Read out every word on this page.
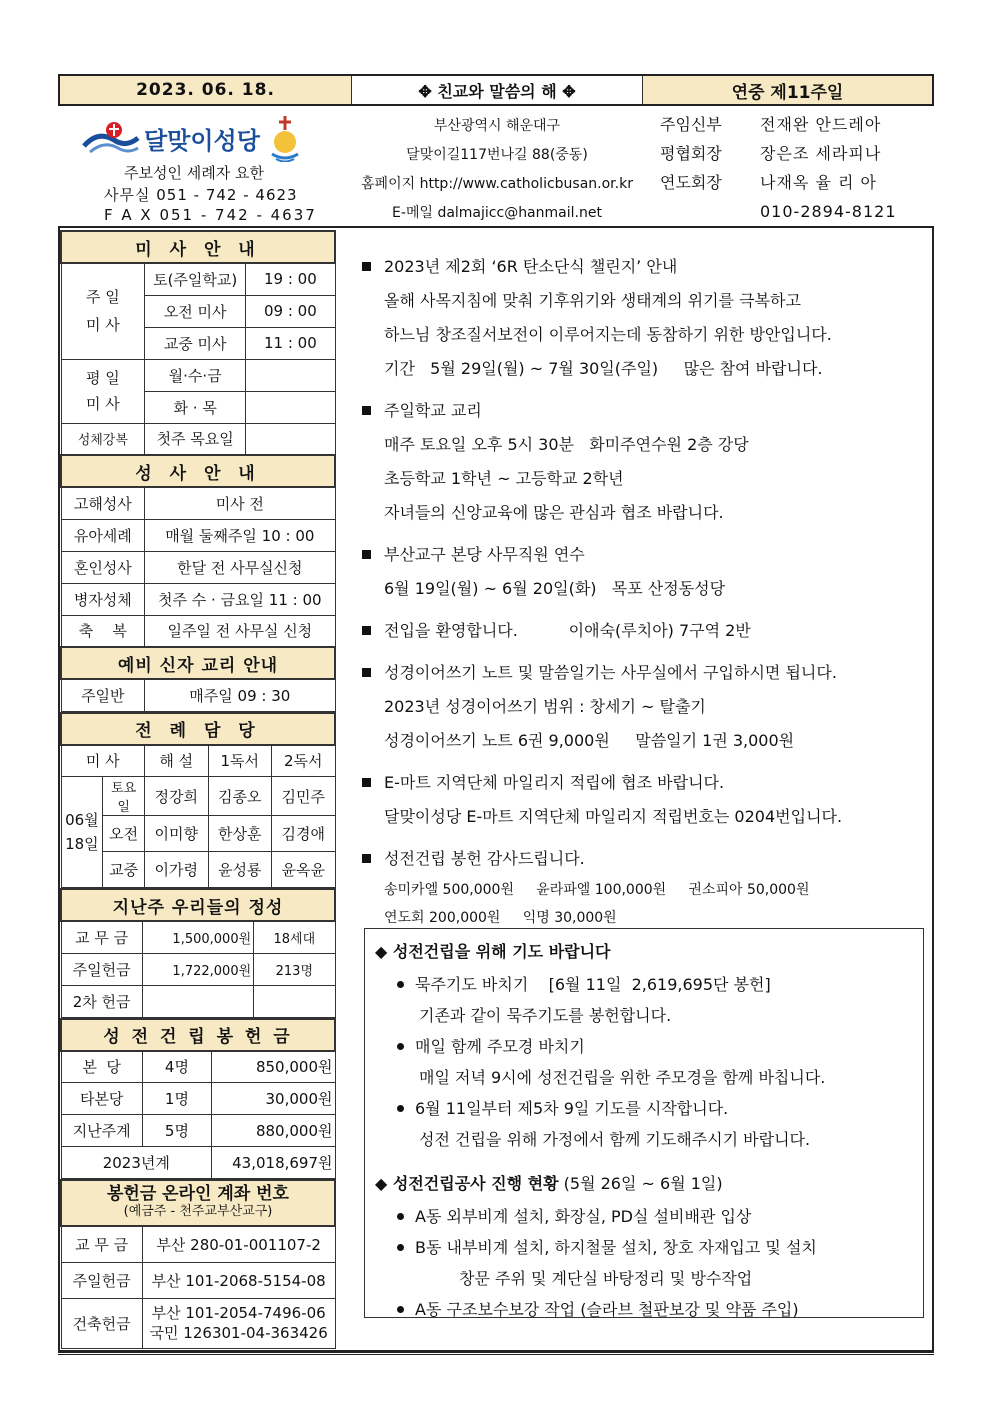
2023. 06. 18.	✥ 친교와 말씀의 해 ✥	연중 제11주일
달맞이성당
주보성인 세례자 요한
사무실 051 - 742 - 4623
F A X 051 - 742 - 4637
부산광역시 해운대구
달맞이길117번나길 88(중동)
홈페이지 http://www.catholicbusan.or.kr
E-메일 dalmajicc@hanmail.net
주임신부	전재완 안드레아
평협회장	장은조 세라피나
연도회장	나재옥 율 리 아
010-2894-8121
미 사 안 내		
주 일
미 사	토(주일학교)	19 : 00
	오전 미사	09 : 00
	교중 미사	11 : 00
평 일
미 사	월·수·금	
	화 · 목	
성체강복	첫주 목요일	
성 사 안 내		
고해성사	미사 전	
유아세례	매월 둘째주일 10 : 00	
혼인성사	한달 전 사무실신청	
병자성체	첫주 수 · 금요일 11 : 00	
축    복	일주일 전 사무실 신청	
예비 신자 교리 안내		
주일반	매주일 09 : 30	
전 례 담 당				
미 사		해 설	1독서	2독서
06월
18일	토요일	정강희	김종오	김민주
	오전	이미향	한상훈	김경애
	교중	이가령	윤성룡	윤옥윤
지난주 우리들의 정성		
교 무 금	1,500,000원	18세대
주일헌금	1,722,000원	213명
2차 헌금		
성 전 건 립 봉 헌 금		
본  당	4명	850,000원
타본당	1명	30,000원
지난주계	5명	880,000원
2023년계		43,018,697원
봉헌금 온라인 계좌 번호
(예금주 - 천주교부산교구)	

교 무 금	부산 280-01-001107-2
주일헌금	부산 101-2068-5154-08
건축헌금	부산 101-2054-7496-06
국민 126301-04-363426
2023년 제2회 ‘6R 탄소단식 챌린지’ 안내
올해 사목지침에 맞춰 기후위기와 생태계의 위기를 극복하고
하느님 창조질서보전이 이루어지는데 동참하기 위한 방안입니다.
기간   5월 29일(월) ~ 7월 30일(주일)     많은 참여 바랍니다.
주일학교 교리
매주 토요일 오후 5시 30분   화미주연수원 2층 강당
초등학교 1학년 ~ 고등학교 2학년
자녀들의 신앙교육에 많은 관심과 협조 바랍니다.
부산교구 본당 사무직원 연수
6월 19일(월) ~ 6월 20일(화)   목포 산정동성당
전입을 환영합니다.          이애숙(루치아) 7구역 2반
성경이어쓰기 노트 및 말씀일기는 사무실에서 구입하시면 됩니다.
2023년 성경이어쓰기 범위 : 창세기 ~ 탈출기
성경이어쓰기 노트 6권 9,000원     말씀일기 1권 3,000원
E-마트 지역단체 마일리지 적립에 협조 바랍니다.
달맞이성당 E-마트 지역단체 마일리지 적립번호는 0204번입니다.
성전건립 봉헌 감사드립니다.
송미카엘 500,000원     윤라파엘 100,000원     권소피아 50,000원
연도회 200,000원     익명 30,000원
◆ 성전건립을 위해 기도 바랍니다
묵주기도 바치기    [6월 11일  2,619,695단 봉헌]
기존과 같이 묵주기도를 봉헌합니다.
매일 함께 주모경 바치기
매일 저녁 9시에 성전건립을 위한 주모경을 함께 바칩니다.
6월 11일부터 제5차 9일 기도를 시작합니다.
성전 건립을 위해 가정에서 함께 기도해주시기 바랍니다.
◆ 성전건립공사 진행 현황 (5월 26일 ~ 6월 1일)
A동 외부비계 설치, 화장실, PD실 설비배관 입상
B동 내부비계 설치, 하지철물 설치, 창호 자재입고 및 설치
창문 주위 및 계단실 바탕정리 및 방수작업
A동 구조보수보강 작업 (슬라브 철판보강 및 약품 주입)
